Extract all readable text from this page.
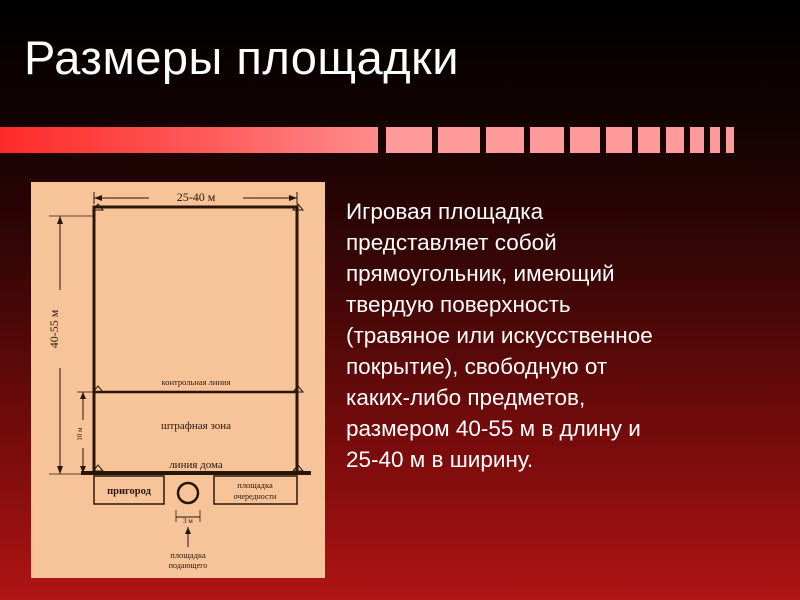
Размеры площадки
25-40 м
40-55 м
контрольная линия
штрафная зона
линия дома
10 м
пригород
площадка
очередности
3 м
площадка
подающего
Игровая площадка
представляет собой
прямоугольник, имеющий
твердую поверхность
(травяное или искусственное
покрытие), свободную от
каких-либо предметов,
размером 40-55 м в длину и
25-40 м в ширину.
